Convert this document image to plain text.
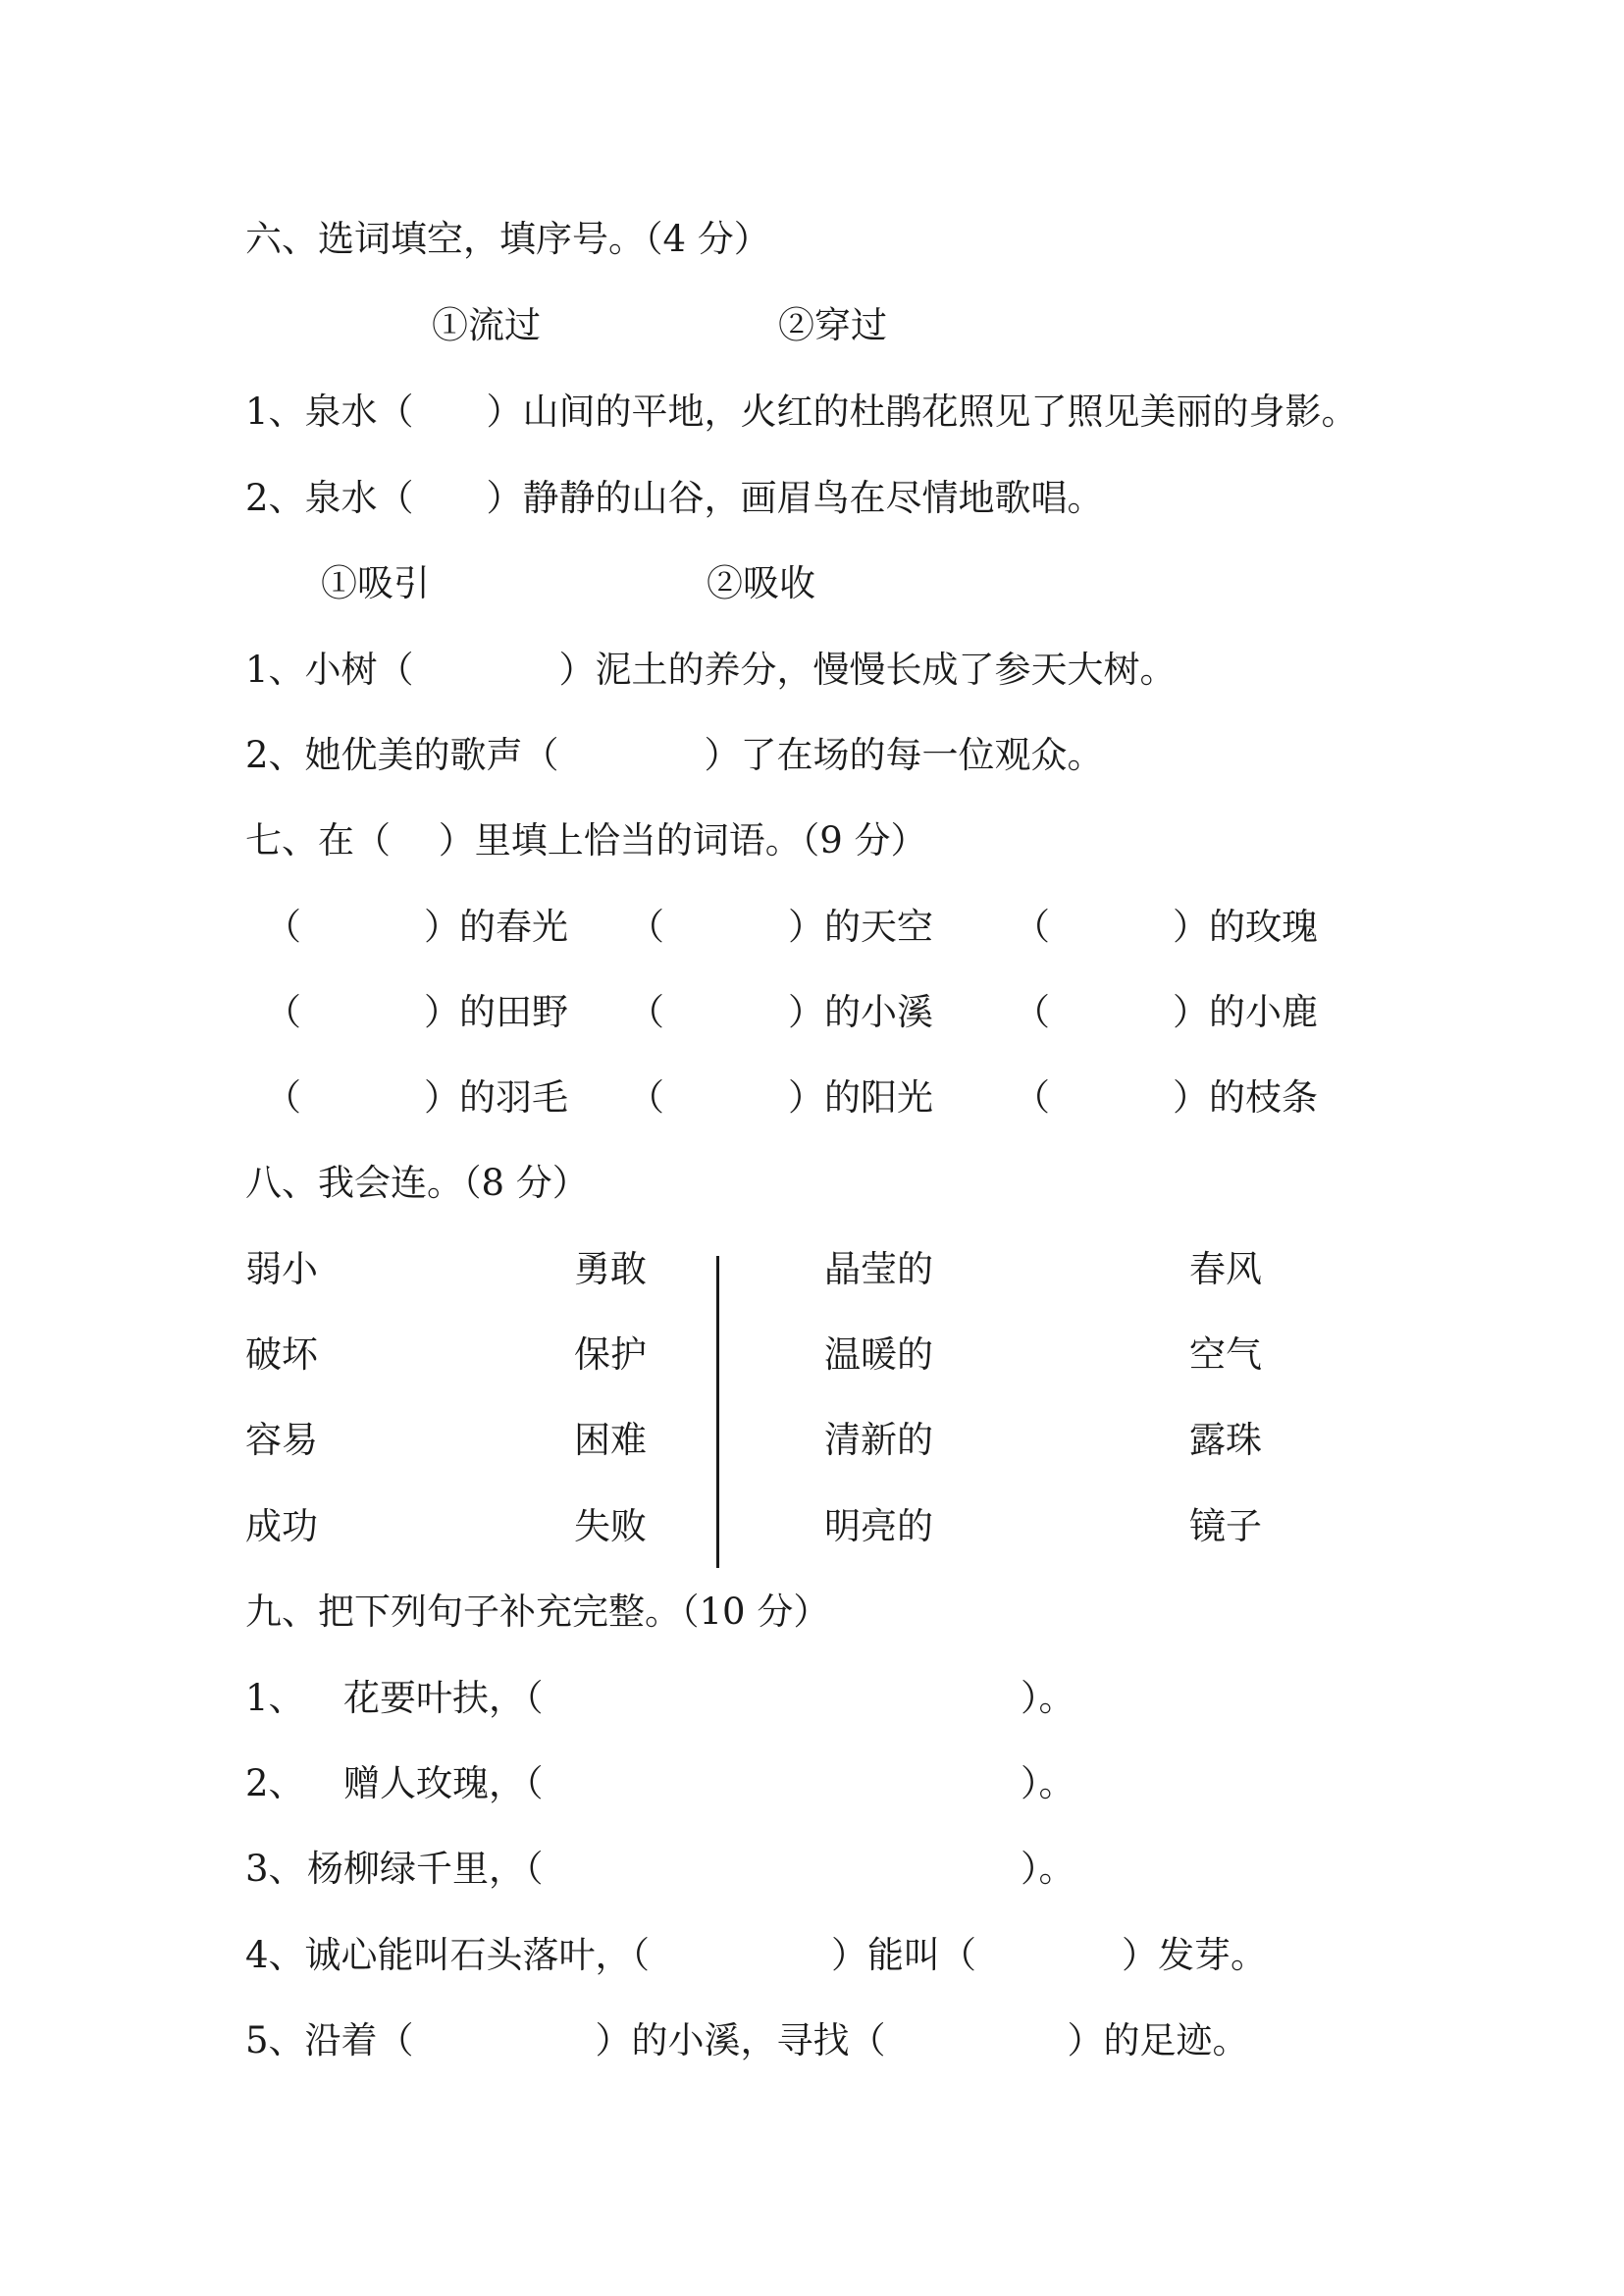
六、选词填空，填序号。（4 分）
①流过	②穿过
1、泉水（　　）山间的平地，火红的杜鹃花照见了照见美丽的身影。
2、泉水（　　）静静的山谷，画眉鸟在尽情地歌唱。
①吸引	②吸收
1、小树（　　　　）泥土的养分，慢慢长成了参天大树。
2、她优美的歌声（　　　　）了在场的每一位观众。
七、在（　 ）里填上恰当的词语。（9 分）
（	） 的春光 （	） 的天空 （	） 的玫瑰
（	） 的田野 （	） 的小溪 （	） 的小鹿
（	） 的羽毛 （	） 的阳光 （	） 的枝条
八、我会连。（8 分）
弱小	勇敢	晶莹的	春风
破坏	保护	温暖的	空气
容易	困难	清新的	露珠
成功	失败	明亮的	镜子
九、把下列句子补充完整。（10 分）
1、 花要叶扶，（	）。
2、 赠人玫瑰，（	）。
3、 杨柳绿千里，（	）。
4、诚心能叫石头落叶，（　　　　　）能叫（　　　　）发芽。
5、沿着（　　　　　）的小溪，寻找（　　　　　）的足迹。
